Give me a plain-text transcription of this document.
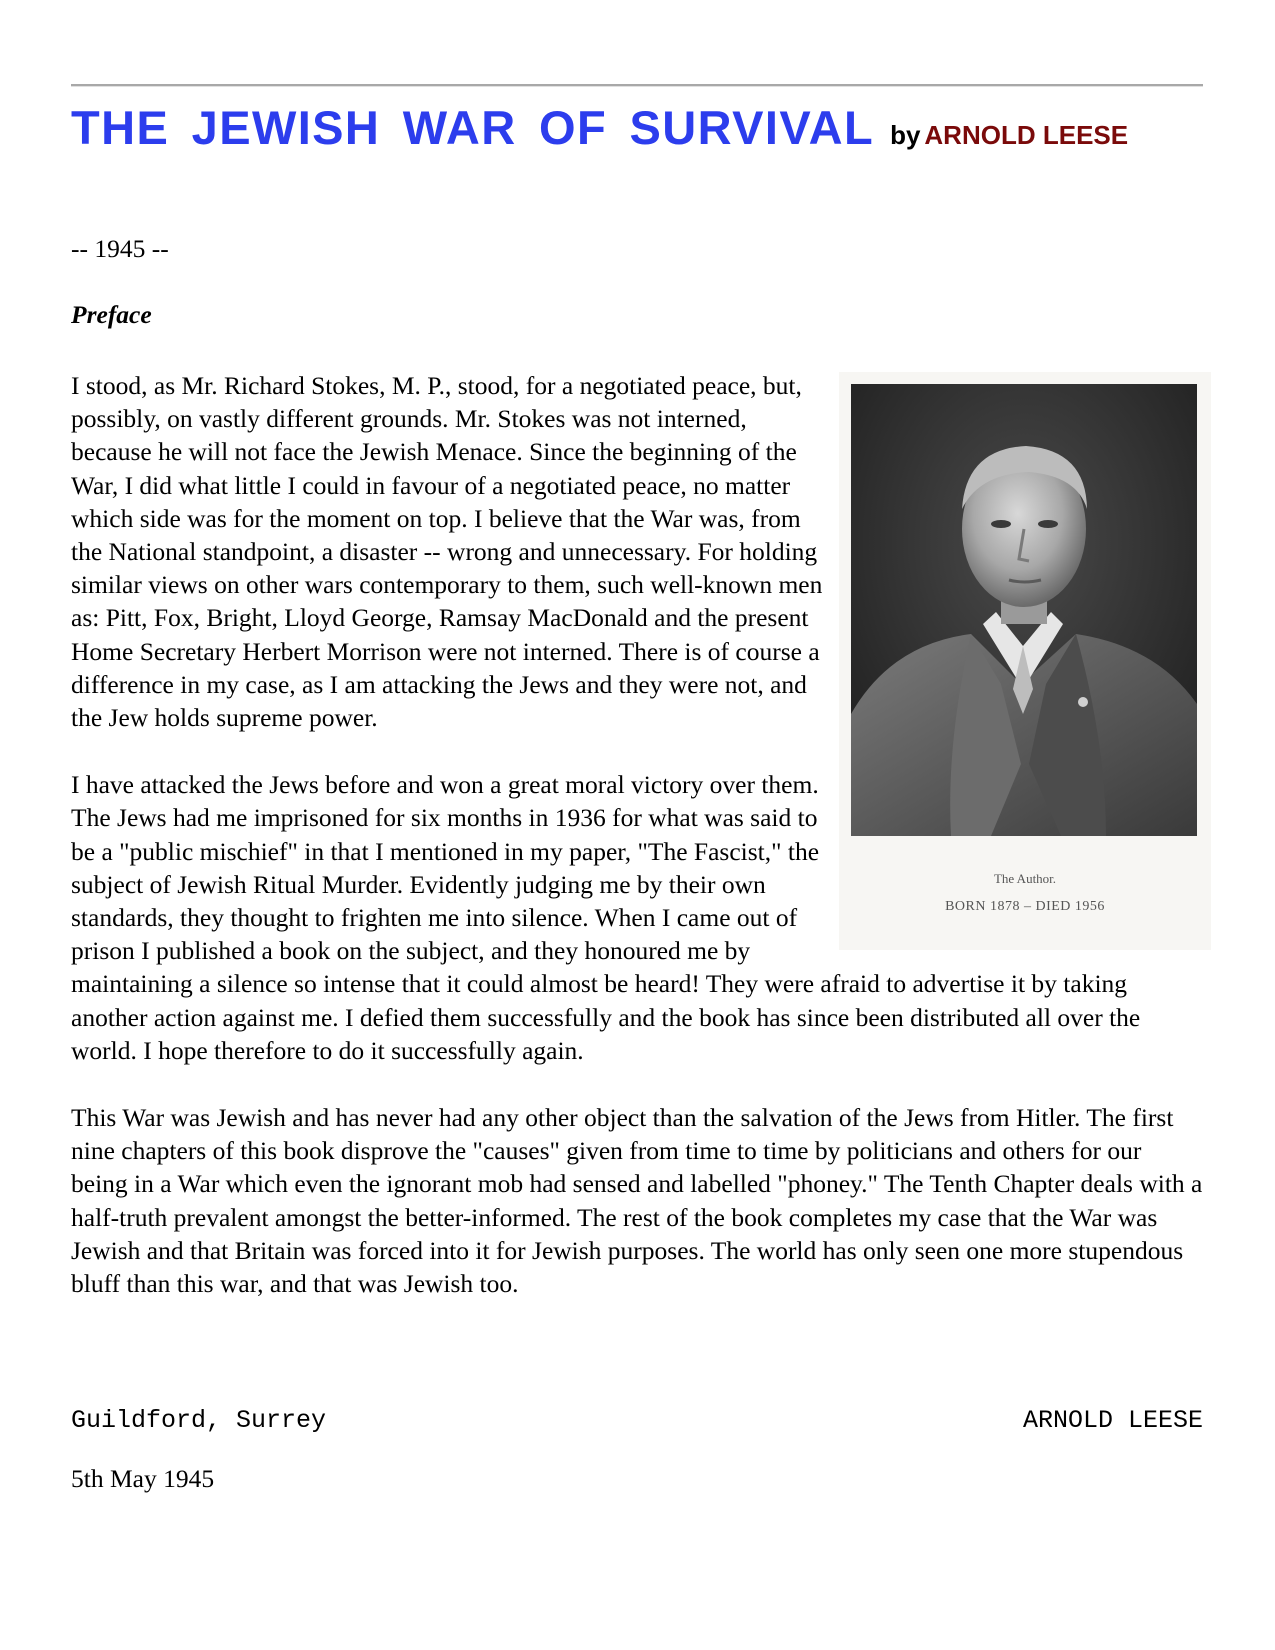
THE JEWISH WAR OF SURVIVAL by ARNOLD LEESE

-- 1945 --

Preface

The Author.
BORN 1878 – DIED 1956
I stood, as Mr. Richard Stokes, M. P., stood, for a negotiated peace, but, possibly, on vastly different grounds. Mr. Stokes was not interned, because he will not face the Jewish Menace. Since the beginning of the War, I did what little I could in favour of a negotiated peace, no matter which side was for the moment on top. I believe that the War was, from the National standpoint, a disaster -- wrong and unnecessary. For holding similar views on other wars contemporary to them, such well-known men as: Pitt, Fox, Bright, Lloyd George, Ramsay MacDonald and the present Home Secretary Herbert Morrison were not interned. There is of course a difference in my case, as I am attacking the Jews and they were not, and the Jew holds supreme power.

I have attacked the Jews before and won a great moral victory over them. The Jews had me imprisoned for six months in 1936 for what was said to be a "public mischief" in that I mentioned in my paper, "The Fascist," the subject of Jewish Ritual Murder. Evidently judging me by their own standards, they thought to frighten me into silence. When I came out of prison I published a book on the subject, and they honoured me by maintaining a silence so intense that it could almost be heard! They were afraid to advertise it by taking another action against me. I defied them successfully and the book has since been distributed all over the world. I hope therefore to do it successfully again.

This War was Jewish and has never had any other object than the salvation of the Jews from Hitler. The first nine chapters of this book disprove the "causes" given from time to time by politicians and others for our being in a War which even the ignorant mob had sensed and labelled "phoney." The Tenth Chapter deals with a half-truth prevalent amongst the better-informed. The rest of the book completes my case that the War was Jewish and that Britain was forced into it for Jewish purposes. The world has only seen one more stupendous bluff than this war, and that was Jewish too.

Guildford, Surrey	ARNOLD LEESE

5th May 1945
